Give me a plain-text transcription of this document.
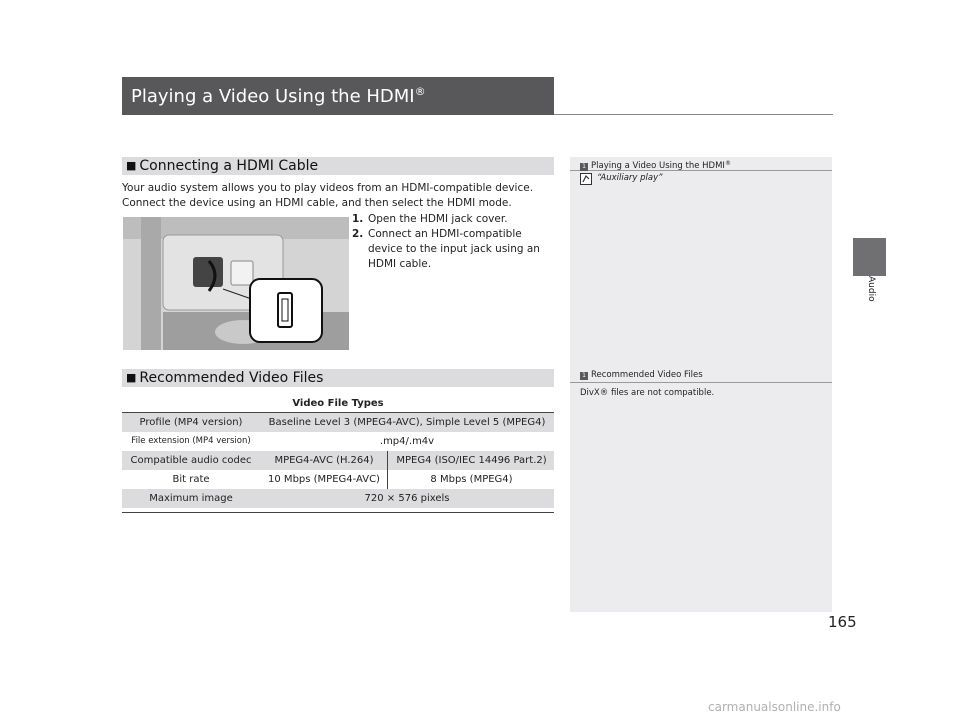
Playing a Video Using the HDMI®
Audio
■ Connecting a HDMI Cable
Your audio system allows you to play videos from an HDMI-compatible device. Connect the device using an HDMI cable, and then select the HDMI mode.
1. Open the HDMI jack cover.
2. Connect an HDMI-compatible device to the input jack using an HDMI cable.
1 Playing a Video Using the HDMI®
“Auxiliary play”
■ Recommended Video Files	1 Recommended Video Files
DivX® files are not compatible.
Video File Types
Profile (MP4 version)	Baseline Level 3 (MPEG4-AVC), Simple Level 5 (MPEG4)
File extension (MP4 version)	.mp4/.m4v
Compatible audio codec	MPEG4-AVC (H.264)	MPEG4 (ISO/IEC 14496 Part.2)
Bit rate	10 Mbps (MPEG4-AVC)	8 Mbps (MPEG4)
Maximum image	720 × 576 pixels
165
carmanualsonline.info
